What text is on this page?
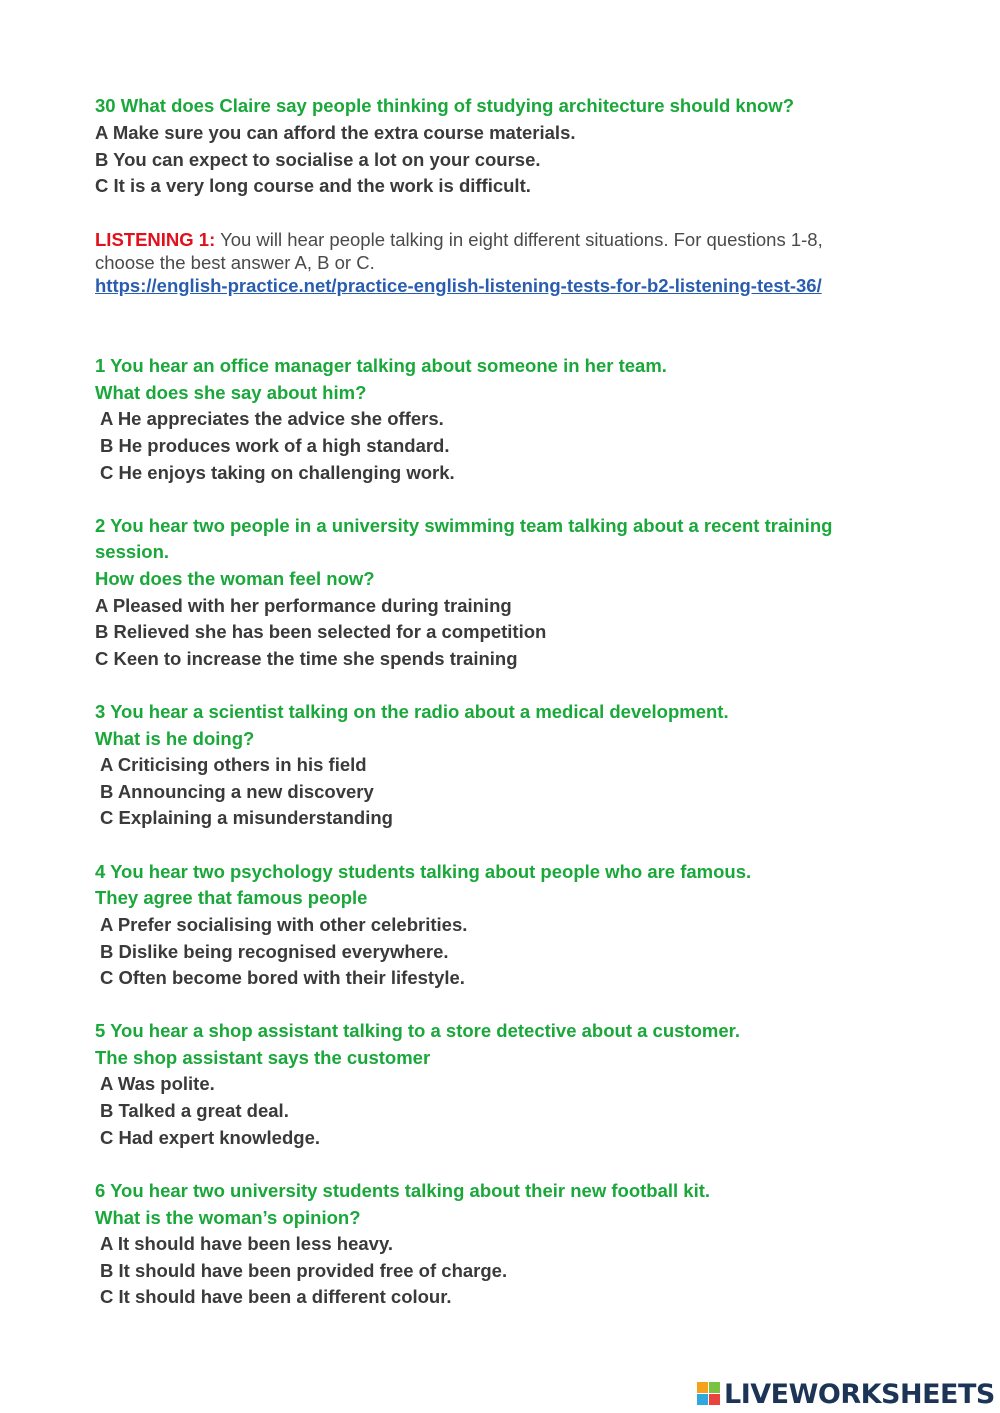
30 What does Claire say people thinking of studying architecture should know?
A Make sure you can afford the extra course materials.
B You can expect to socialise a lot on your course.
C It is a very long course and the work is difficult.
LISTENING 1: You will hear people talking in eight different situations. For questions 1-8,
choose the best answer A, B or C.
https://english-practice.net/practice-english-listening-tests-for-b2-listening-test-36/
1 You hear an office manager talking about someone in her team.
What does she say about him?
A He appreciates the advice she offers.
B He produces work of a high standard.
C He enjoys taking on challenging work.
2 You hear two people in a university swimming team talking about a recent training
session.
How does the woman feel now?
A Pleased with her performance during training
B Relieved she has been selected for a competition
C Keen to increase the time she spends training
3 You hear a scientist talking on the radio about a medical development.
What is he doing?
A Criticising others in his field
B Announcing a new discovery
C Explaining a misunderstanding
4 You hear two psychology students talking about people who are famous.
They agree that famous people
A Prefer socialising with other celebrities.
B Dislike being recognised everywhere.
C Often become bored with their lifestyle.
5 You hear a shop assistant talking to a store detective about a customer.
The shop assistant says the customer
A Was polite.
B Talked a great deal.
C Had expert knowledge.
6 You hear two university students talking about their new football kit.
What is the woman’s opinion?
A It should have been less heavy.
B It should have been provided free of charge.
C It should have been a different colour.
LIVEWORKSHEETS
